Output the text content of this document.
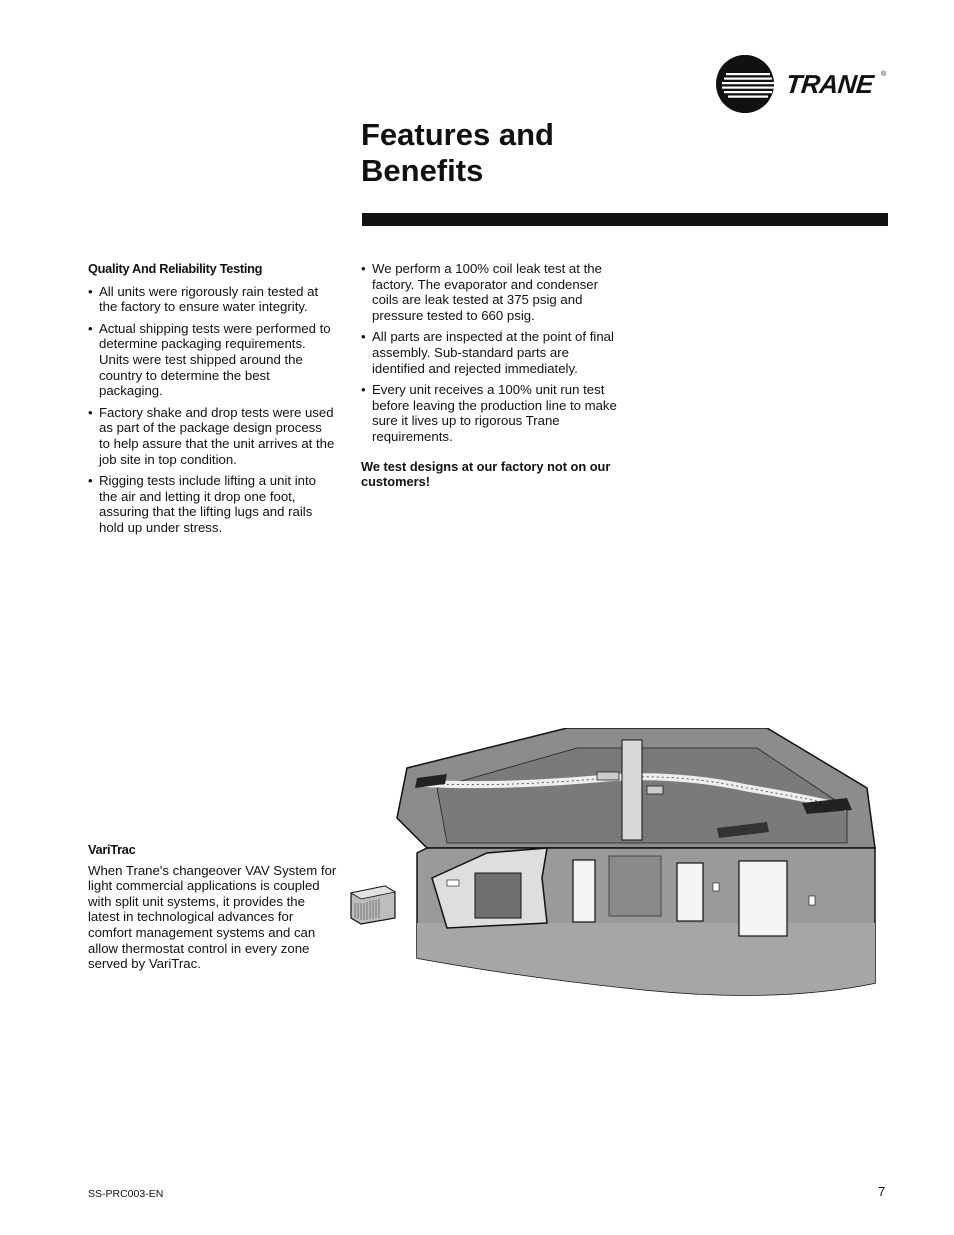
TRANE ®
Features and
Benefits
Quality And Reliability Testing
• All units were rigorously rain tested at the factory to ensure water integrity.
• Actual shipping tests were performed to determine packaging requirements. Units were test shipped around the country to determine the best packaging.
• Factory shake and drop tests were used as part of the package design process to help assure that the unit arrives at the job site in top condition.
• Rigging tests include lifting a unit into the air and letting it drop one foot, assuring that the lifting lugs and rails hold up under stress.
• We perform a 100% coil leak test at the factory. The evaporator and condenser coils are leak tested at 375 psig and pressure tested to 660 psig.
• All parts are inspected at the point of final assembly. Sub-standard parts are identified and rejected immediately.
• Every unit receives a 100% unit run test before leaving the production line to make sure it lives up to rigorous Trane requirements.
We test designs at our factory not on our customers!
VariTrac
When Trane's changeover VAV System for light commercial applications is coupled with split unit systems, it provides the latest in technological advances for comfort management systems and can allow thermostat control in every zone served by VariTrac.
SS-PRC003-EN	7
